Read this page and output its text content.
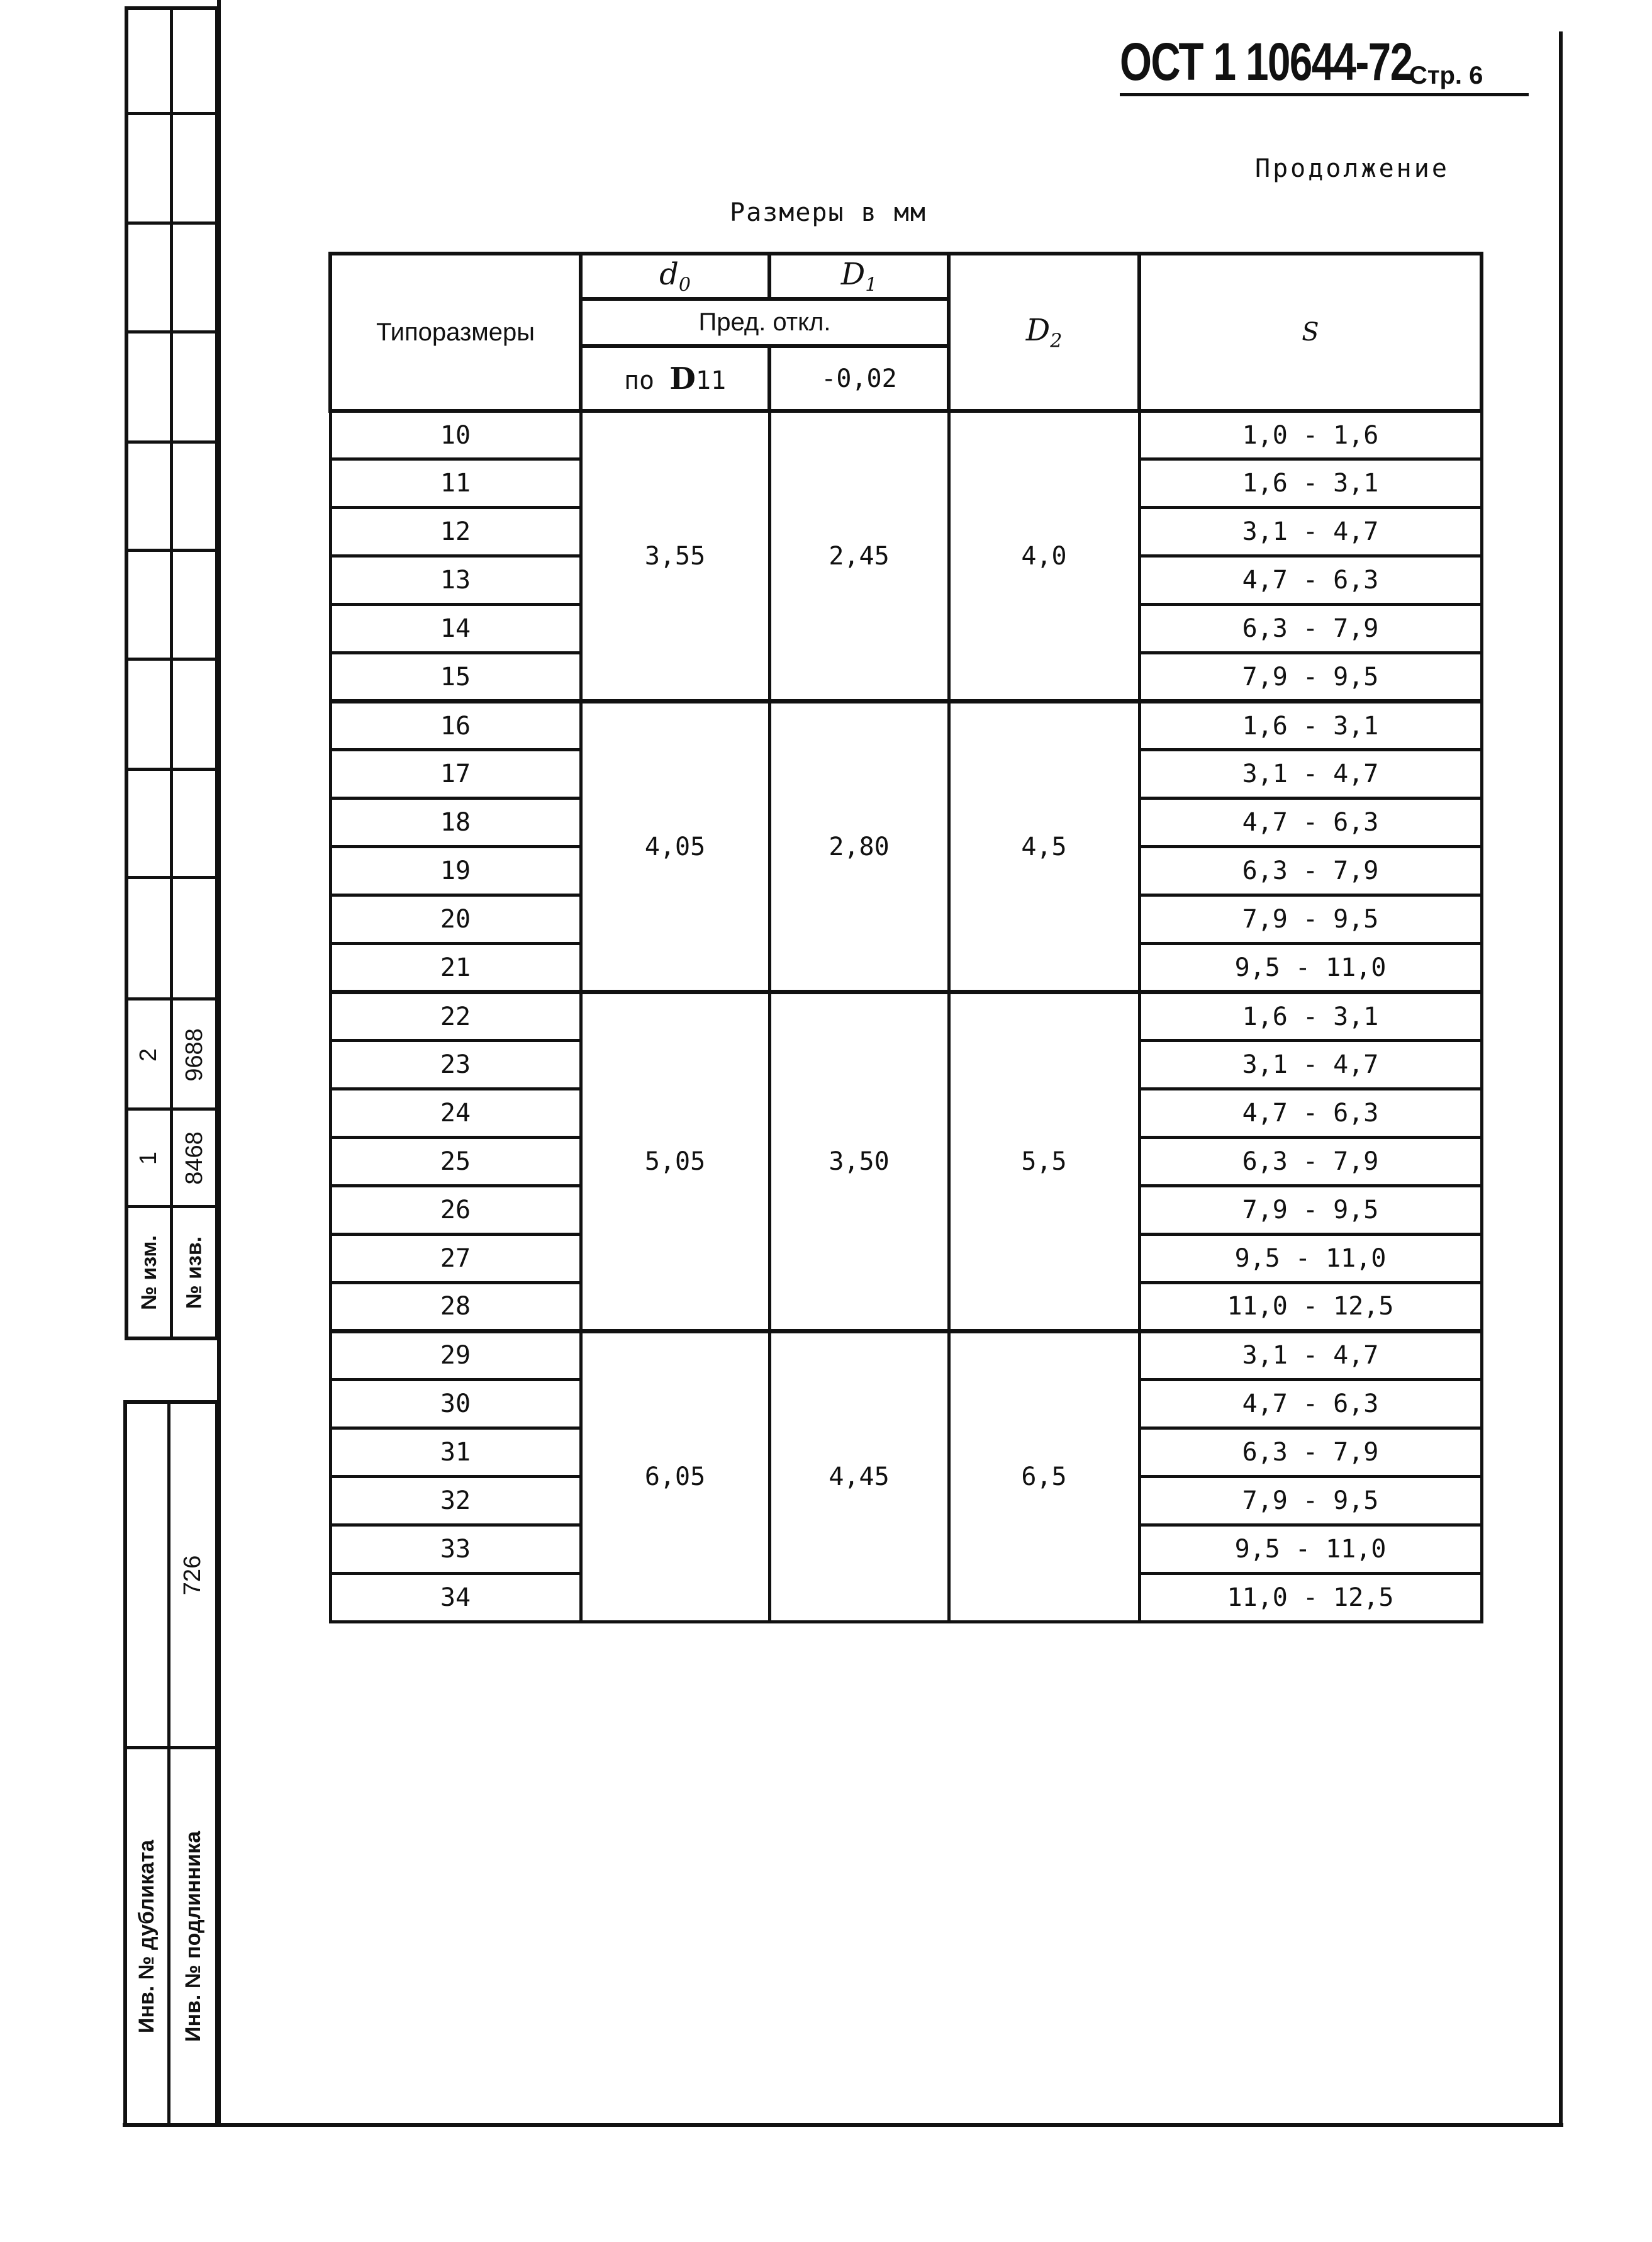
ОСТ 1 10644-72
Стр. 6
Продолжение
Размеры в мм
Типоразмеры	$d_0$	$D_1$	$D_2$	S
	Пред. откл.			
	по D11	-0,02		
10	3,55	2,45	4,0	1,0 - 1,6
11				1,6 - 3,1
12				3,1 - 4,7
13				4,7 - 6,3
14				6,3 - 7,9
15				7,9 - 9,5
16	4,05	2,80	4,5	1,6 - 3,1
17				3,1 - 4,7
18				4,7 - 6,3
19				6,3 - 7,9
20				7,9 - 9,5
21				9,5 - 11,0
22	5,05	3,50	5,5	1,6 - 3,1
23				3,1 - 4,7
24				4,7 - 6,3
25				6,3 - 7,9
26				7,9 - 9,5
27				9,5 - 11,0
28				11,0 - 12,5
29	6,05	4,45	6,5	3,1 - 4,7
30				4,7 - 6,3
31				6,3 - 7,9
32				7,9 - 9,5
33				9,5 - 11,0
34				11,0 - 12,5
2 9688
1 8468
№ изм. № изв.
726
Инв. № дубликата Инв. № подлинника
